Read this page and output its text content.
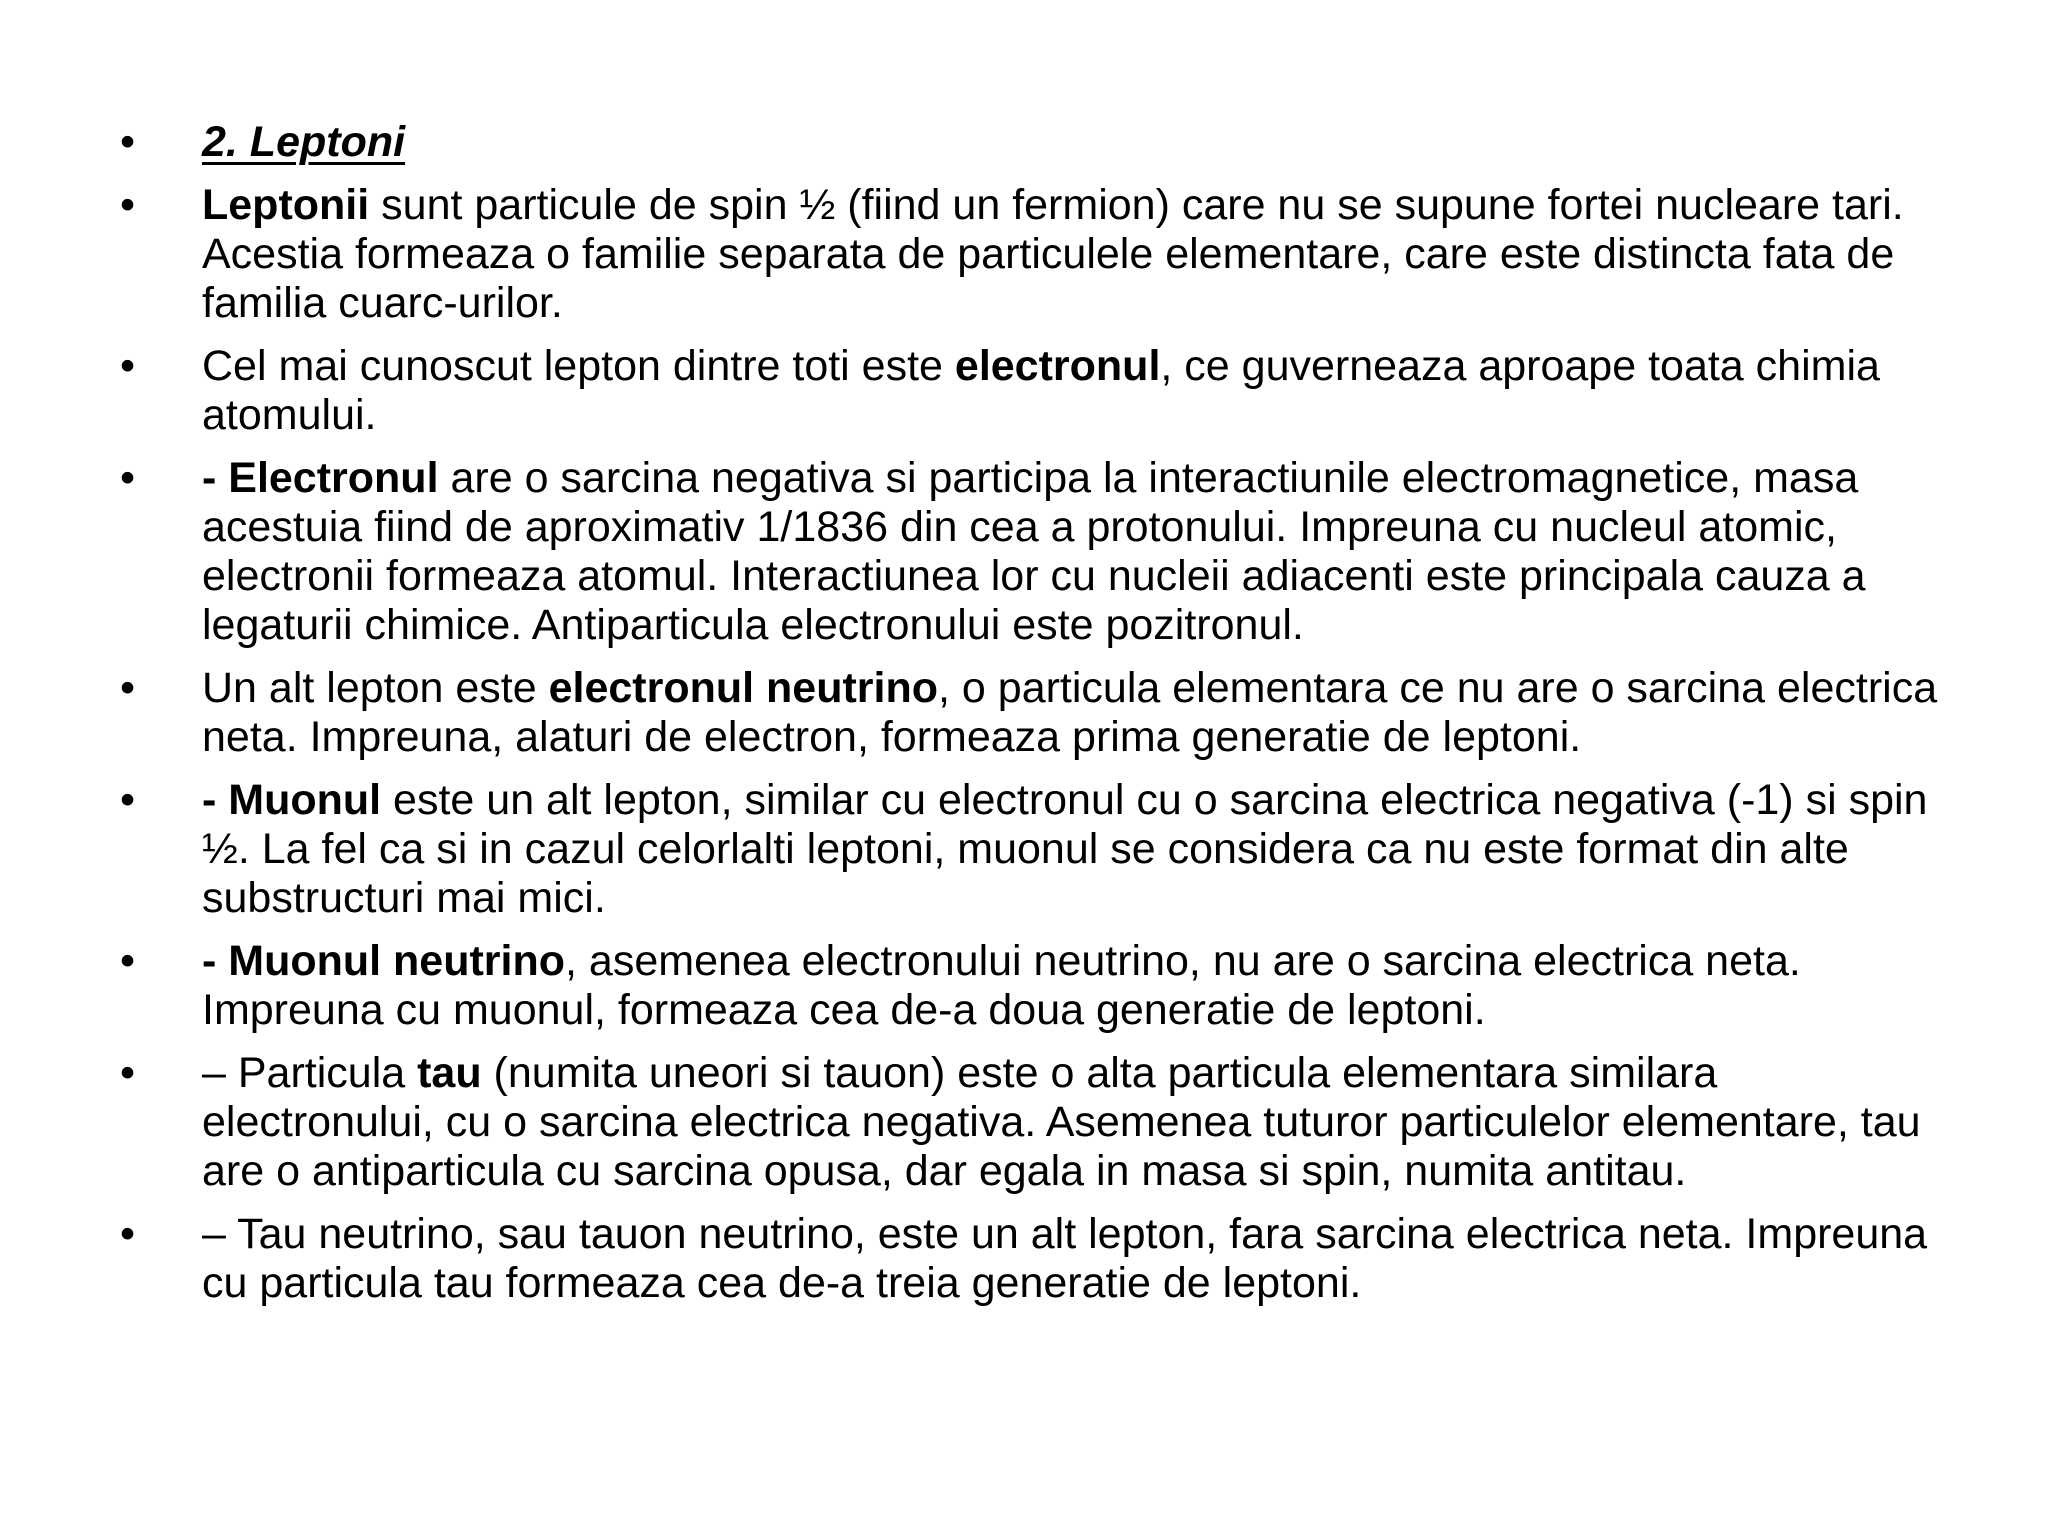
•	2. Leptoni
•	Leptonii sunt particule de spin ½ (fiind un fermion) care nu se supune fortei nucleare tari. Acestia formeaza o familie separata de particulele elementare, care este distincta fata de familia cuarc-urilor.
•	Cel mai cunoscut lepton dintre toti este electronul, ce guverneaza aproape toata chimia atomului.
•	- Electronul are o sarcina negativa si participa la interactiunile electromagnetice, masa acestuia fiind de aproximativ 1/1836 din cea a protonului. Impreuna cu nucleul atomic, electronii formeaza atomul. Interactiunea lor cu nucleii adiacenti este principala cauza a legaturii chimice. Antiparticula electronului este pozitronul.
•	Un alt lepton este electronul neutrino, o particula elementara ce nu are o sarcina electrica neta. Impreuna, alaturi de electron, formeaza prima generatie de leptoni.
•	- Muonul este un alt lepton, similar cu electronul cu o sarcina electrica negativa (-1) si spin ½. La fel ca si in cazul celorlalti leptoni, muonul se considera ca nu este format din alte substructuri mai mici.
•	- Muonul neutrino, asemenea electronului neutrino, nu are o sarcina electrica neta. Impreuna cu muonul, formeaza cea de-a doua generatie de leptoni.
•	– Particula tau (numita uneori si tauon) este o alta particula elementara similara electronului, cu o sarcina electrica negativa. Asemenea tuturor particulelor elementare, tau are o antiparticula cu sarcina opusa, dar egala in masa si spin, numita antitau.
•	– Tau neutrino, sau tauon neutrino, este un alt lepton, fara sarcina electrica neta. Impreuna cu particula tau formeaza cea de-a treia generatie de leptoni.
